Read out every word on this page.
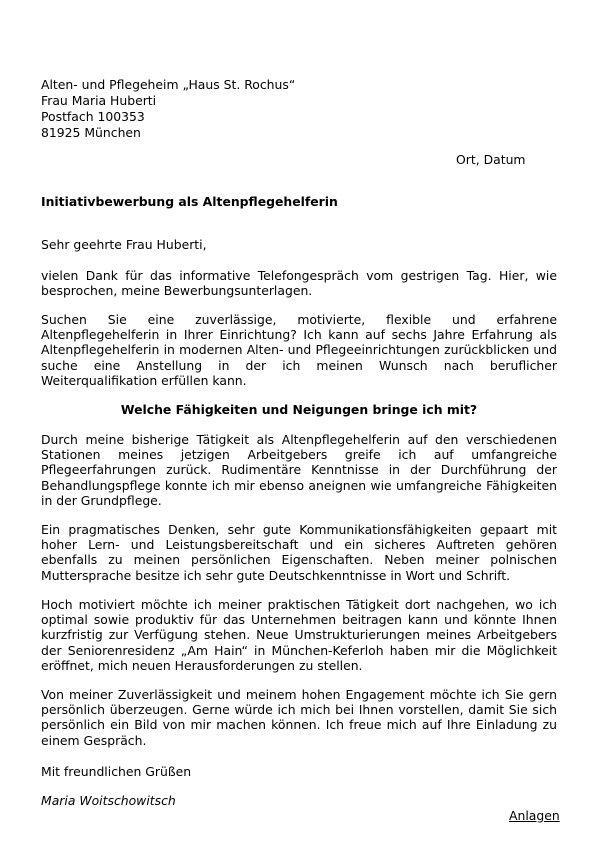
Alten- und Pflegeheim „Haus St. Rochus“
Frau Maria Huberti
Postfach 100353
81925 München
Ort, Datum
Initiativbewerbung als Altenpflegehelferin

Sehr geehrte Frau Huberti,

vielen Dank für das informative Telefongespräch vom gestrigen Tag. Hier, wie besprochen, meine Bewerbungsunterlagen.

Suchen Sie eine zuverlässige, motivierte, flexible und erfahrene Altenpflegehelferin in Ihrer Einrichtung? Ich kann auf sechs Jahre Erfahrung als Altenpflegehelferin in modernen Alten- und Pflegeeinrichtungen zurückblicken und suche eine Anstellung in der ich meinen Wunsch nach beruflicher Weiterqualifikation erfüllen kann.

Welche Fähigkeiten und Neigungen bringe ich mit?

Durch meine bisherige Tätigkeit als Altenpflegehelferin auf den verschiedenen Stationen meines jetzigen Arbeitgebers greife ich auf umfangreiche Pflegeerfahrungen zurück. Rudimentäre Kenntnisse in der Durchführung der Behandlungspflege konnte ich mir ebenso aneignen wie umfangreiche Fähigkeiten in der Grundpflege.

Ein pragmatisches Denken, sehr gute Kommunikationsfähigkeiten gepaart mit hoher Lern- und Leistungsbereitschaft und ein sicheres Auftreten gehören ebenfalls zu meinen persönlichen Eigenschaften. Neben meiner polnischen Muttersprache besitze ich sehr gute Deutschkenntnisse in Wort und Schrift.

Hoch motiviert möchte ich meiner praktischen Tätigkeit dort nachgehen, wo ich optimal sowie produktiv für das Unternehmen beitragen kann und könnte Ihnen kurzfristig zur Verfügung stehen. Neue Umstrukturierungen meines Arbeitgebers der Seniorenresidenz „Am Hain“ in München-Keferloh haben mir die Möglichkeit eröffnet, mich neuen Herausforderungen zu stellen.

Von meiner Zuverlässigkeit und meinem hohen Engagement möchte ich Sie gern persönlich überzeugen. Gerne würde ich mich bei Ihnen vorstellen, damit Sie sich persönlich ein Bild von mir machen können. Ich freue mich auf Ihre Einladung zu einem Gespräch.

Mit freundlichen Grüßen

Maria Woitschowitsch
Anlagen
